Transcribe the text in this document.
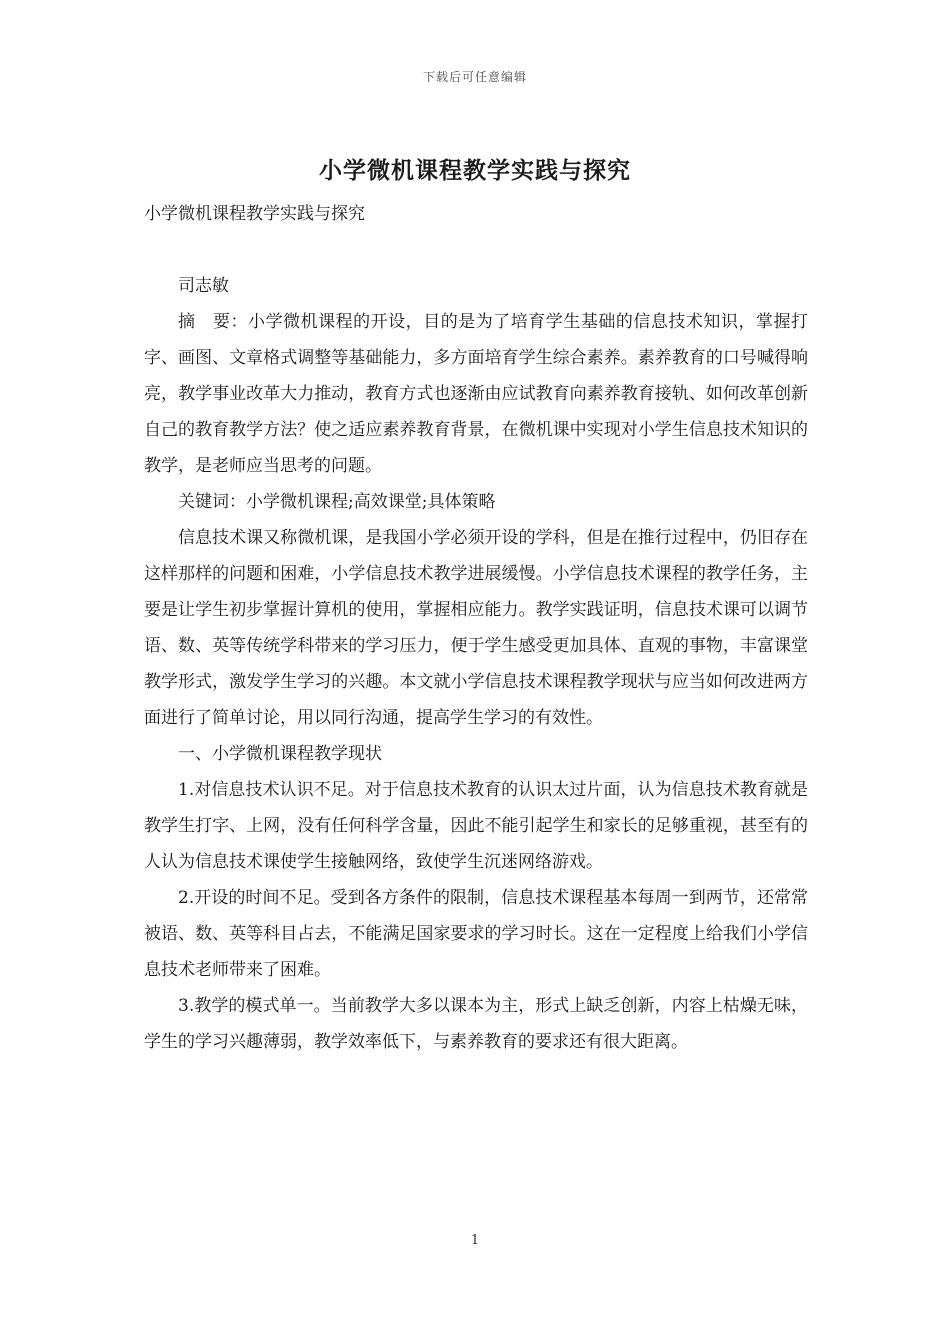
下载后可任意编辑
小学微机课程教学实践与探究

小学微机课程教学实践与探究

司志敏

摘　要：小学微机课程的开设，目的是为了培育学生基础的信息技术知识，掌握打字、画图、文章格式调整等基础能力，多方面培育学生综合素养。素养教育的口号喊得响亮，教学事业改革大力推动，教育方式也逐渐由应试教育向素养教育接轨、如何改革创新自己的教育教学方法？使之适应素养教育背景，在微机课中实现对小学生信息技术知识的教学，是老师应当思考的问题。

关键词：小学微机课程;高效课堂;具体策略

信息技术课又称微机课，是我国小学必须开设的学科，但是在推行过程中，仍旧存在这样那样的问题和困难，小学信息技术教学进展缓慢。小学信息技术课程的教学任务，主要是让学生初步掌握计算机的使用，掌握相应能力。教学实践证明，信息技术课可以调节语、数、英等传统学科带来的学习压力，便于学生感受更加具体、直观的事物，丰富课堂教学形式，激发学生学习的兴趣。本文就小学信息技术课程教学现状与应当如何改进两方面进行了简单讨论，用以同行沟通，提高学生学习的有效性。

一、小学微机课程教学现状

1.对信息技术认识不足。对于信息技术教育的认识太过片面，认为信息技术教育就是教学生打字、上网，没有任何科学含量，因此不能引起学生和家长的足够重视，甚至有的人认为信息技术课使学生接触网络，致使学生沉迷网络游戏。

2.开设的时间不足。受到各方条件的限制，信息技术课程基本每周一到两节，还常常被语、数、英等科目占去，不能满足国家要求的学习时长。这在一定程度上给我们小学信息技术老师带来了困难。

3.教学的模式单一。当前教学大多以课本为主，形式上缺乏创新，内容上枯燥无味，学生的学习兴趣薄弱，教学效率低下，与素养教育的要求还有很大距离。

1
